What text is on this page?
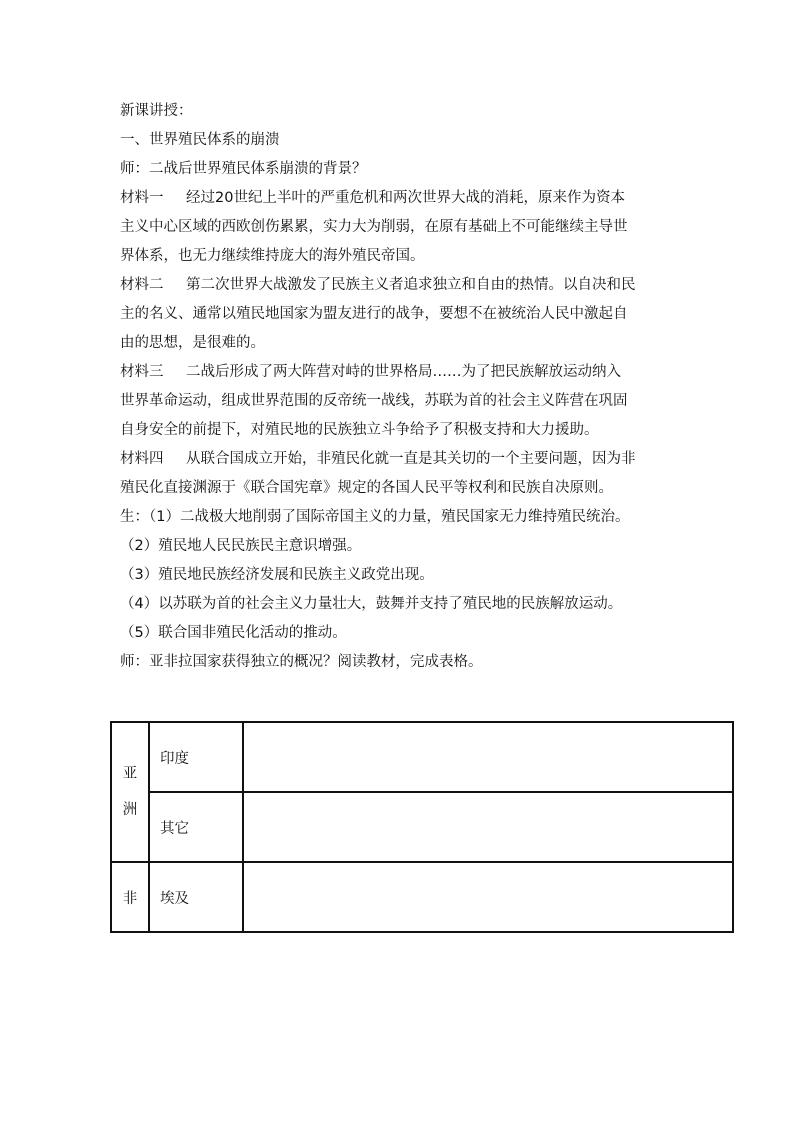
新课讲授：
一、世界殖民体系的崩溃
师：二战后世界殖民体系崩溃的背景？
材料一 经过20世纪上半叶的严重危机和两次世界大战的消耗，原来作为资本
主义中心区域的西欧创伤累累，实力大为削弱，在原有基础上不可能继续主导世
界体系，也无力继续维持庞大的海外殖民帝国。
材料二 第二次世界大战激发了民族主义者追求独立和自由的热情。以自决和民
主的名义、通常以殖民地国家为盟友进行的战争，要想不在被统治人民中激起自
由的思想，是很难的。
材料三 二战后形成了两大阵营对峙的世界格局……为了把民族解放运动纳入
世界革命运动，组成世界范围的反帝统一战线，苏联为首的社会主义阵营在巩固
自身安全的前提下，对殖民地的民族独立斗争给予了积极支持和大力援助。
材料四 从联合国成立开始，非殖民化就一直是其关切的一个主要问题，因为非
殖民化直接渊源于《联合国宪章》规定的各国人民平等权利和民族自决原则。
生：（1）二战极大地削弱了国际帝国主义的力量，殖民国家无力维持殖民统治。
（2）殖民地人民民族民主意识增强。
（3）殖民地民族经济发展和民族主义政党出现。
（4）以苏联为首的社会主义力量壮大，鼓舞并支持了殖民地的民族解放运动。
（5）联合国非殖民化活动的推动。
师：亚非拉国家获得独立的概况？阅读教材，完成表格。
亚
洲	印度	
	其它	
非	埃及	
